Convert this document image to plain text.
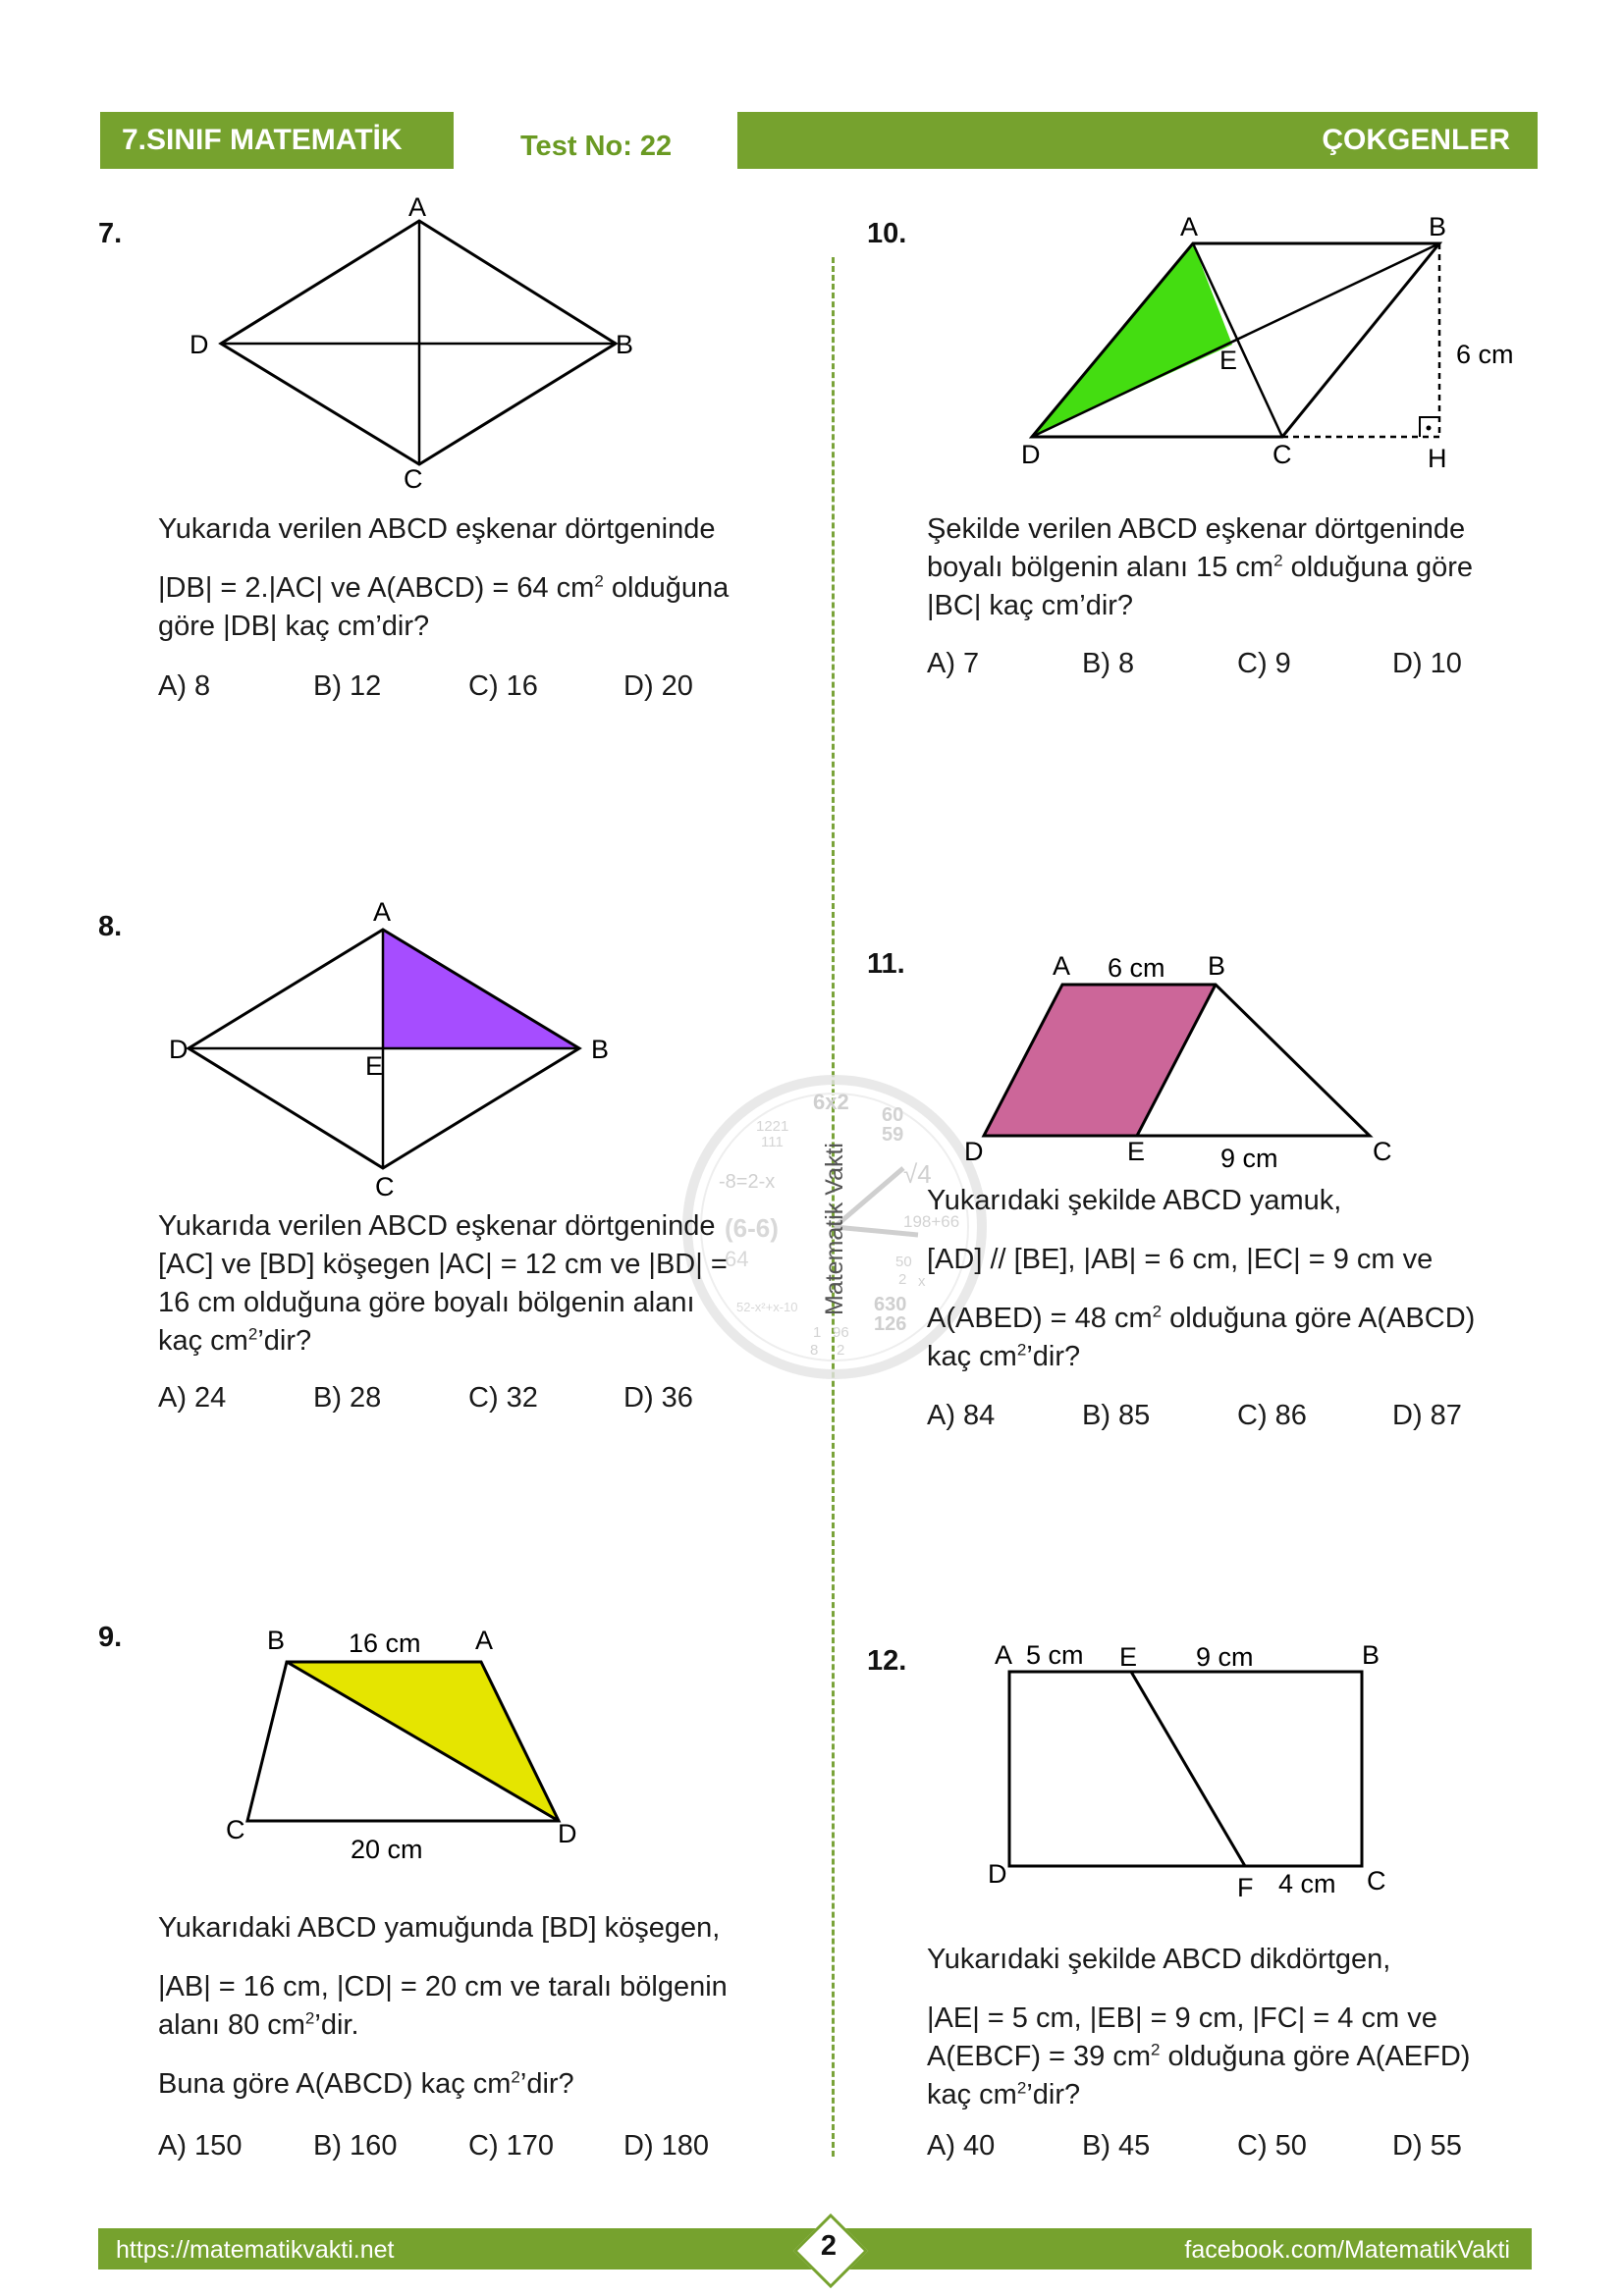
7.SINIF MATEMATİK	Test No: 22	ÇOKGENLER
6x2
60
59
1221
111
-8=2-x	√4
198+66
50
2 x
(6-6)
64
630
126
52-x²+x-10
1
8
96
2
Matematik Vakti
7.
A
B
C
D
Yukarıda verilen ABCD eşkenar dörtgeninde
|DB| = 2.|AC| ve A(ABCD) = 64 $cm^2$ olduğuna
göre |DB| kaç cm’dir?
A) 8	B) 12	C) 16	D) 20
8.	A
B
C
D
E
Yukarıda verilen ABCD eşkenar dörtgeninde
[AC] ve [BD] köşegen |AC| = 12 cm ve |BD| =
16 cm olduğuna göre boyalı bölgenin alanı
kaç $cm^2’dir$?
A) 24	B) 28	C) 32	D) 36
9.	B	A
C	D
16 cm
20 cm
Yukarıdaki ABCD yamuğunda [BD] köşegen,
|AB| = 16 cm, |CD| = 20 cm ve taralı bölgenin
alanı 80 $cm^2’dir$.
Buna göre A(ABCD) kaç $cm^2’dir$?
A) 150	B) 160	C) 170	D) 180
10.	A	B
C
D
E
H
6 cm
Şekilde verilen ABCD eşkenar dörtgeninde
boyalı bölgenin alanı 15 $cm^2$ olduğuna göre
|BC| kaç cm’dir?
A) 7	B) 8	C) 9	D) 10
11.	A	B
C
D	E
6 cm
9 cm
Yukarıdaki şekilde ABCD yamuk,
[AD] // [BE], |AB| = 6 cm, |EC| = 9 cm ve
A(ABED) = 48 $cm^2$ olduğuna göre A(ABCD)
kaç $cm^2’dir$?
A) 84	B) 85	C) 86	D) 87
12.	A 5 cm E 9 cm	B
D	F 4 cm C
Yukarıdaki şekilde ABCD dikdörtgen,
|AE| = 5 cm, |EB| = 9 cm, |FC| = 4 cm ve
A(EBCF) = 39 $cm^2$ olduğuna göre A(AEFD)
kaç $cm^2’dir$?
A) 40	B) 45	C) 50	D) 55
https://matematikvakti.net	facebook.com/MatematikVakti
2
